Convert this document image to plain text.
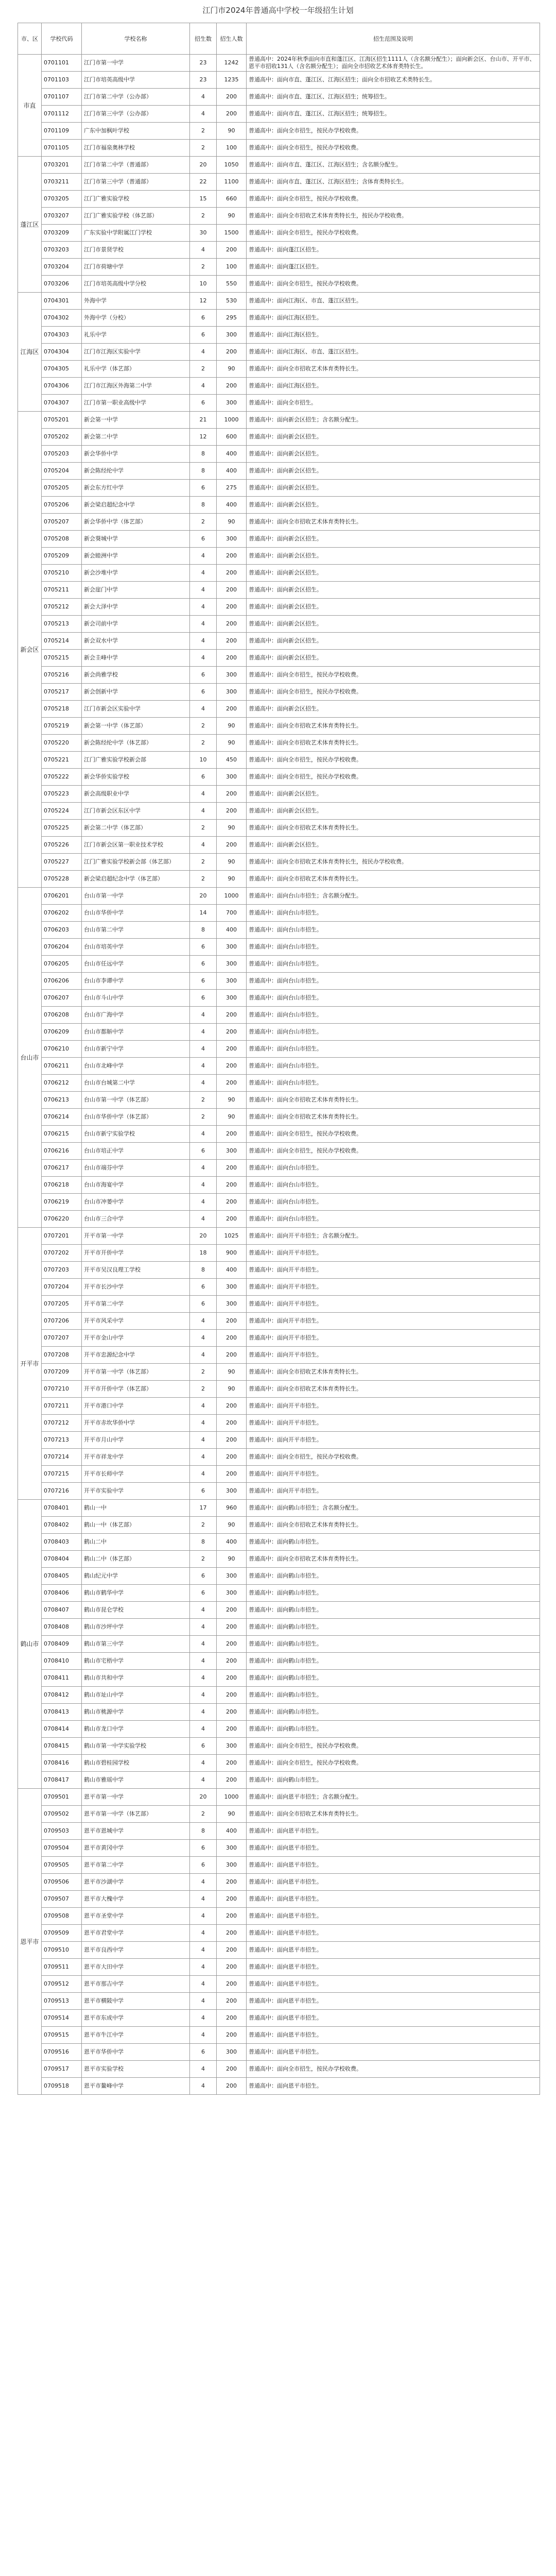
江门市2024年普通高中学校一年级招生计划
市、区	学校代码	学校名称	招生数	招生人数	招生范围及说明
市直	0701101	江门市第一中学	23	1242	普通高中：2024年秋季面向市直和蓬江区、江海区招生1111人（含名额分配生）；面向新会区、台山市、开平市、恩平市招收131人（含名额分配生）；面向全市招收艺术体育类特长生。
	0701103	江门市培英高级中学	23	1235	普通高中：面向市直、蓬江区、江海区招生；面向全市招收艺术类特长生。
	0701107	江门市第二中学（公办部）	4	200	普通高中：面向市直、蓬江区、江海区招生；统筹招生。
	0701112	江门市第三中学（公办部）	4	200	普通高中：面向市直、蓬江区、江海区招生；统筹招生。
	0701109	广东中加枫叶学校	2	90	普通高中：面向全市招生，按民办学校收费。
	0701105	江门市福泉奥林学校	2	100	普通高中：面向全市招生，按民办学校收费。
蓬江区	0703201	江门市第二中学（普通部）	20	1050	普通高中：面向市直、蓬江区、江海区招生；含名额分配生。
	0703211	江门市第三中学（普通部）	22	1100	普通高中：面向市直、蓬江区、江海区招生；含体育类特长生。
	0703205	江门广雅实验学校	15	660	普通高中：面向全市招生，按民办学校收费。
	0703207	江门广雅实验学校（体艺部）	2	90	普通高中：面向全市招收艺术体育类特长生，按民办学校收费。
	0703209	广东实验中学附属江门学校	30	1500	普通高中：面向全市招生，按民办学校收费。
	0703203	江门市景贤学校	4	200	普通高中：面向蓬江区招生。
	0703204	江门市荷塘中学	2	100	普通高中：面向蓬江区招生。
	0703206	江门市培英高级中学分校	10	550	普通高中：面向全市招生，按民办学校收费。
江海区	0704301	外海中学	12	530	普通高中：面向江海区、市直、蓬江区招生。
	0704302	外海中学（分校）	6	295	普通高中：面向江海区招生。
	0704303	礼乐中学	6	300	普通高中：面向江海区招生。
	0704304	江门市江海区实验中学	4	200	普通高中：面向江海区、市直、蓬江区招生。
	0704305	礼乐中学（体艺部）	2	90	普通高中：面向全市招收艺术体育类特长生。
	0704306	江门市江海区外海第二中学	4	200	普通高中：面向江海区招生。
	0704307	江门市第一职业高级中学	6	300	普通高中：面向全市招生。
新会区	0705201	新会第一中学	21	1000	普通高中：面向新会区招生；含名额分配生。
	0705202	新会第二中学	12	600	普通高中：面向新会区招生。
	0705203	新会华侨中学	8	400	普通高中：面向新会区招生。
	0705204	新会陈经纶中学	8	400	普通高中：面向新会区招生。
	0705205	新会东方红中学	6	275	普通高中：面向新会区招生。
	0705206	新会梁启超纪念中学	8	400	普通高中：面向新会区招生。
	0705207	新会华侨中学（体艺部）	2	90	普通高中：面向全市招收艺术体育类特长生。
	0705208	新会葵城中学	6	300	普通高中：面向新会区招生。
	0705209	新会睦洲中学	4	200	普通高中：面向新会区招生。
	0705210	新会沙堆中学	4	200	普通高中：面向新会区招生。
	0705211	新会崖门中学	4	200	普通高中：面向新会区招生。
	0705212	新会大泽中学	4	200	普通高中：面向新会区招生。
	0705213	新会司前中学	4	200	普通高中：面向新会区招生。
	0705214	新会双水中学	4	200	普通高中：面向新会区招生。
	0705215	新会圭峰中学	4	200	普通高中：面向新会区招生。
	0705216	新会尚雅学校	6	300	普通高中：面向全市招生，按民办学校收费。
	0705217	新会创新中学	6	300	普通高中：面向全市招生，按民办学校收费。
	0705218	江门市新会区实验中学	4	200	普通高中：面向新会区招生。
	0705219	新会第一中学（体艺部）	2	90	普通高中：面向全市招收艺术体育类特长生。
	0705220	新会陈经纶中学（体艺部）	2	90	普通高中：面向全市招收艺术体育类特长生。
	0705221	江门广雅实验学校新会部	10	450	普通高中：面向全市招生，按民办学校收费。
	0705222	新会华侨实验学校	6	300	普通高中：面向全市招生，按民办学校收费。
	0705223	新会高级职业中学	4	200	普通高中：面向新会区招生。
	0705224	江门市新会区东区中学	4	200	普通高中：面向新会区招生。
	0705225	新会第二中学（体艺部）	2	90	普通高中：面向全市招收艺术体育类特长生。
	0705226	江门市新会区第一职业技术学校	4	200	普通高中：面向新会区招生。
	0705227	江门广雅实验学校新会部（体艺部）	2	90	普通高中：面向全市招收艺术体育类特长生，按民办学校收费。
	0705228	新会梁启超纪念中学（体艺部）	2	90	普通高中：面向全市招收艺术体育类特长生。
台山市	0706201	台山市第一中学	20	1000	普通高中：面向台山市招生；含名额分配生。
	0706202	台山市华侨中学	14	700	普通高中：面向台山市招生。
	0706203	台山市第二中学	8	400	普通高中：面向台山市招生。
	0706204	台山市培英中学	6	300	普通高中：面向台山市招生。
	0706205	台山市任远中学	6	300	普通高中：面向台山市招生。
	0706206	台山市李谭中学	6	300	普通高中：面向台山市招生。
	0706207	台山市斗山中学	6	300	普通高中：面向台山市招生。
	0706208	台山市广海中学	4	200	普通高中：面向台山市招生。
	0706209	台山市都斛中学	4	200	普通高中：面向台山市招生。
	0706210	台山市新宁中学	4	200	普通高中：面向台山市招生。
	0706211	台山市北峰中学	4	200	普通高中：面向台山市招生。
	0706212	台山市台城第二中学	4	200	普通高中：面向台山市招生。
	0706213	台山市第一中学（体艺部）	2	90	普通高中：面向全市招收艺术体育类特长生。
	0706214	台山市华侨中学（体艺部）	2	90	普通高中：面向全市招收艺术体育类特长生。
	0706215	台山市新宁实验学校	4	200	普通高中：面向全市招生，按民办学校收费。
	0706216	台山市培正中学	6	300	普通高中：面向全市招生，按民办学校收费。
	0706217	台山市端芬中学	4	200	普通高中：面向台山市招生。
	0706218	台山市海宴中学	4	200	普通高中：面向台山市招生。
	0706219	台山市冲蒌中学	4	200	普通高中：面向台山市招生。
	0706220	台山市三合中学	4	200	普通高中：面向台山市招生。
开平市	0707201	开平市第一中学	20	1025	普通高中：面向开平市招生；含名额分配生。
	0707202	开平市开侨中学	18	900	普通高中：面向开平市招生。
	0707203	开平市吴汉良理工学校	8	400	普通高中：面向开平市招生。
	0707204	开平市长沙中学	6	300	普通高中：面向开平市招生。
	0707205	开平市第二中学	6	300	普通高中：面向开平市招生。
	0707206	开平市风采中学	4	200	普通高中：面向开平市招生。
	0707207	开平市金山中学	4	200	普通高中：面向开平市招生。
	0707208	开平市忠源纪念中学	4	200	普通高中：面向开平市招生。
	0707209	开平市第一中学（体艺部）	2	90	普通高中：面向全市招收艺术体育类特长生。
	0707210	开平市开侨中学（体艺部）	2	90	普通高中：面向全市招收艺术体育类特长生。
	0707211	开平市港口中学	4	200	普通高中：面向开平市招生。
	0707212	开平市赤坎华侨中学	4	200	普通高中：面向开平市招生。
	0707213	开平市月山中学	4	200	普通高中：面向开平市招生。
	0707214	开平市祥龙中学	4	200	普通高中：面向全市招生，按民办学校收费。
	0707215	开平市长师中学	4	200	普通高中：面向开平市招生。
	0707216	开平市实验中学	6	300	普通高中：面向开平市招生。
鹤山市	0708401	鹤山一中	17	960	普通高中：面向鹤山市招生；含名额分配生。
	0708402	鹤山一中（体艺部）	2	90	普通高中：面向全市招收艺术体育类特长生。
	0708403	鹤山二中	8	400	普通高中：面向鹤山市招生。
	0708404	鹤山二中（体艺部）	2	90	普通高中：面向全市招收艺术体育类特长生。
	0708405	鹤山纪元中学	6	300	普通高中：面向鹤山市招生。
	0708406	鹤山市鹤华中学	6	300	普通高中：面向鹤山市招生。
	0708407	鹤山市昆仑学校	4	200	普通高中：面向鹤山市招生。
	0708408	鹤山市沙坪中学	4	200	普通高中：面向鹤山市招生。
	0708409	鹤山市第三中学	4	200	普通高中：面向鹤山市招生。
	0708410	鹤山市宅梧中学	4	200	普通高中：面向鹤山市招生。
	0708411	鹤山市共和中学	4	200	普通高中：面向鹤山市招生。
	0708412	鹤山市址山中学	4	200	普通高中：面向鹤山市招生。
	0708413	鹤山市桃源中学	4	200	普通高中：面向鹤山市招生。
	0708414	鹤山市龙口中学	4	200	普通高中：面向鹤山市招生。
	0708415	鹤山市第一中学实验学校	6	300	普通高中：面向全市招生，按民办学校收费。
	0708416	鹤山市碧桂园学校	4	200	普通高中：面向全市招生，按民办学校收费。
	0708417	鹤山市雅瑶中学	4	200	普通高中：面向鹤山市招生。
恩平市	0709501	恩平市第一中学	20	1000	普通高中：面向恩平市招生；含名额分配生。
	0709502	恩平市第一中学（体艺部）	2	90	普通高中：面向全市招收艺术体育类特长生。
	0709503	恩平市恩城中学	8	400	普通高中：面向恩平市招生。
	0709504	恩平市黄冈中学	6	300	普通高中：面向恩平市招生。
	0709505	恩平市第二中学	6	300	普通高中：面向恩平市招生。
	0709506	恩平市沙湖中学	4	200	普通高中：面向恩平市招生。
	0709507	恩平市大槐中学	4	200	普通高中：面向恩平市招生。
	0709508	恩平市圣堂中学	4	200	普通高中：面向恩平市招生。
	0709509	恩平市君堂中学	4	200	普通高中：面向恩平市招生。
	0709510	恩平市良西中学	4	200	普通高中：面向恩平市招生。
	0709511	恩平市大田中学	4	200	普通高中：面向恩平市招生。
	0709512	恩平市那吉中学	4	200	普通高中：面向恩平市招生。
	0709513	恩平市横陂中学	4	200	普通高中：面向恩平市招生。
	0709514	恩平市东成中学	4	200	普通高中：面向恩平市招生。
	0709515	恩平市牛江中学	4	200	普通高中：面向恩平市招生。
	0709516	恩平市华侨中学	6	300	普通高中：面向恩平市招生。
	0709517	恩平市实验学校	4	200	普通高中：面向全市招生，按民办学校收费。
	0709518	恩平市鳌峰中学	4	200	普通高中：面向恩平市招生。
